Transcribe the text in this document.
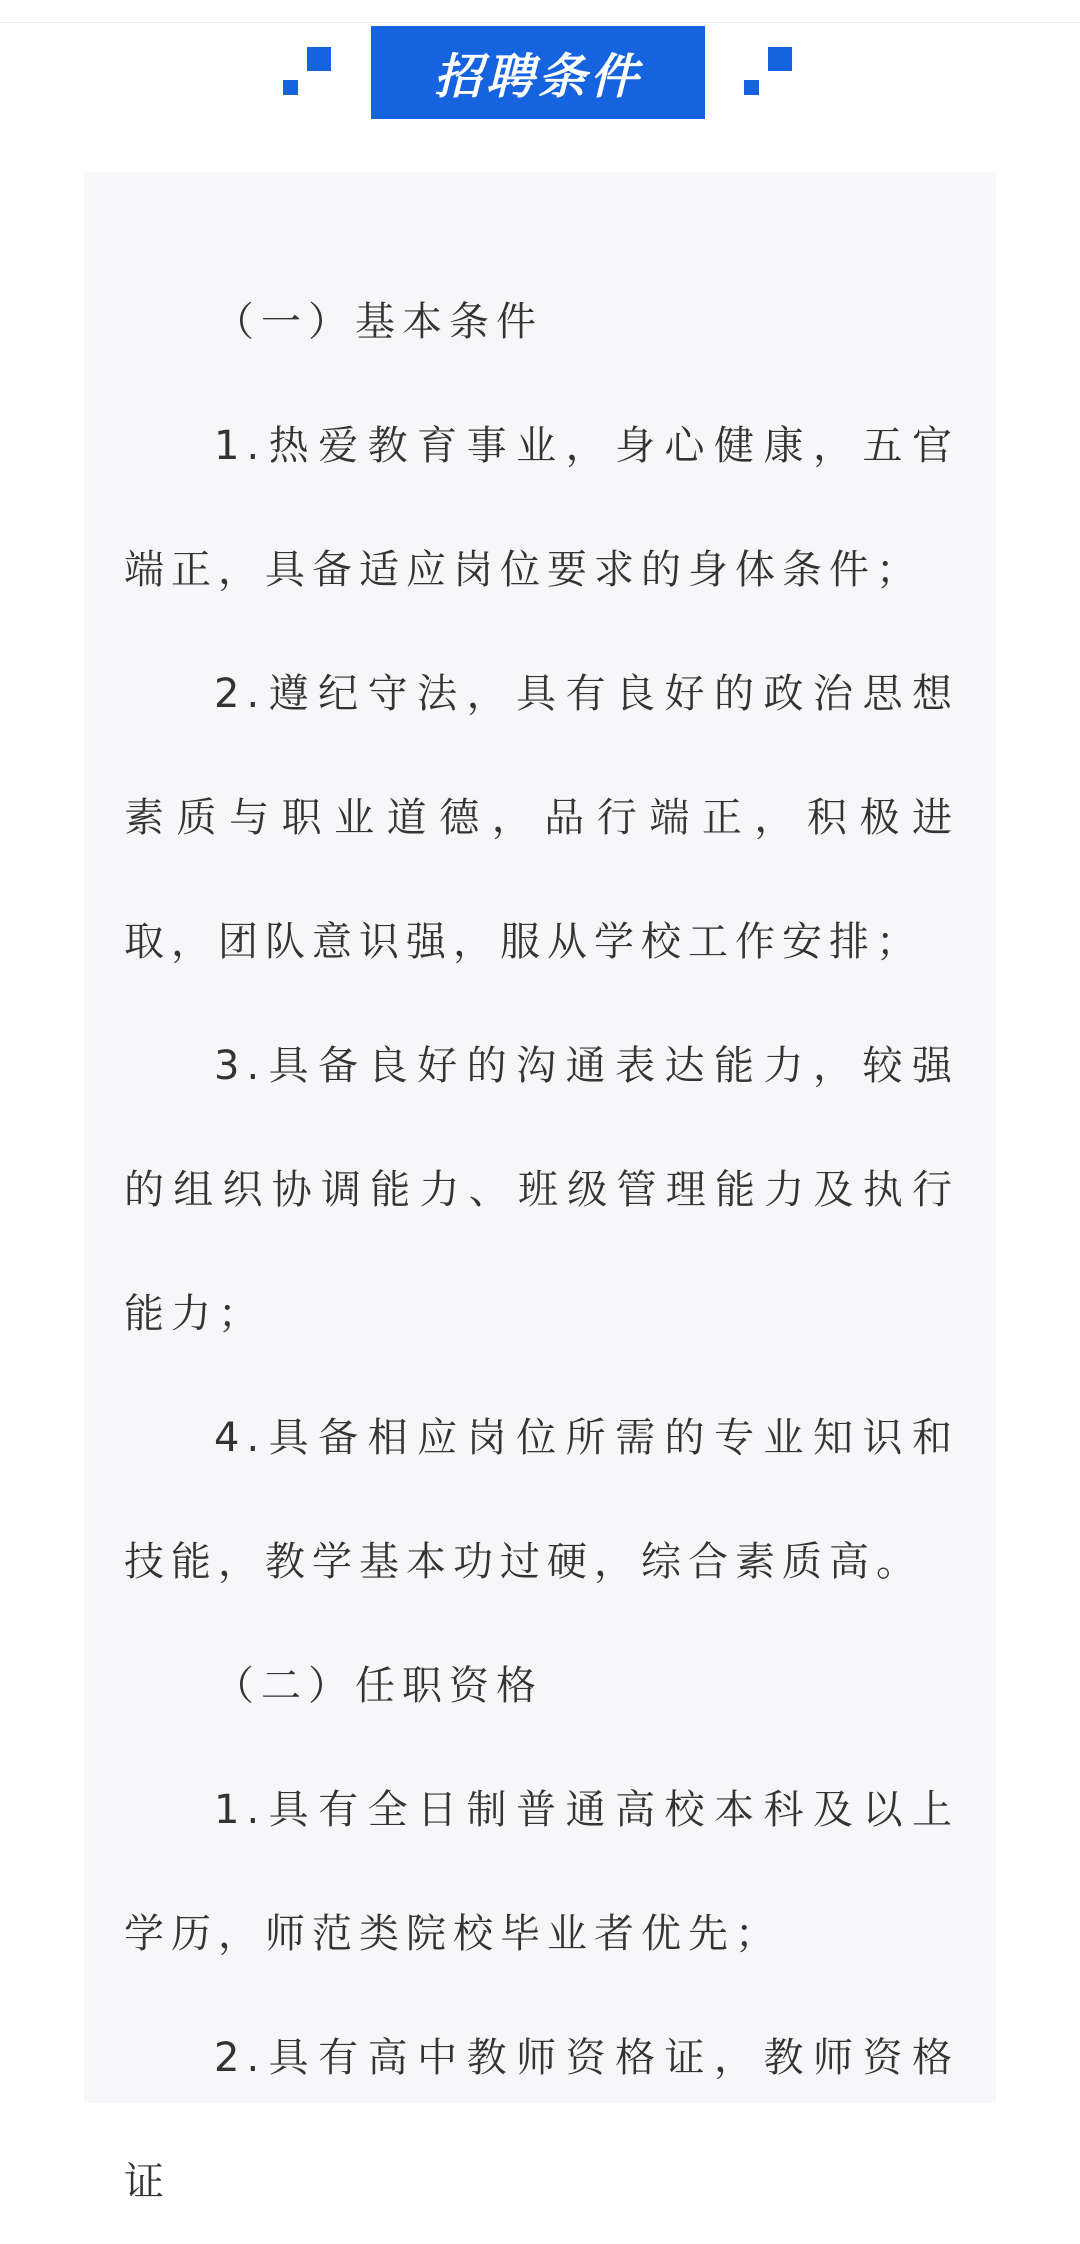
招聘条件

（一）基本条件

1.热爱教育事业，身心健康，五官端正，具备适应岗位要求的身体条件；

2.遵纪守法，具有良好的政治思想素质与职业道德，品行端正，积极进取，团队意识强，服从学校工作安排；

3.具备良好的沟通表达能力，较强的组织协调能力、班级管理能力及执行能力；

4.具备相应岗位所需的专业知识和技能，教学基本功过硬，综合素质高。

（二）任职资格

1.具有全日制普通高校本科及以上学历，师范类院校毕业者优先；

2.具有高中教师资格证，教师资格证
